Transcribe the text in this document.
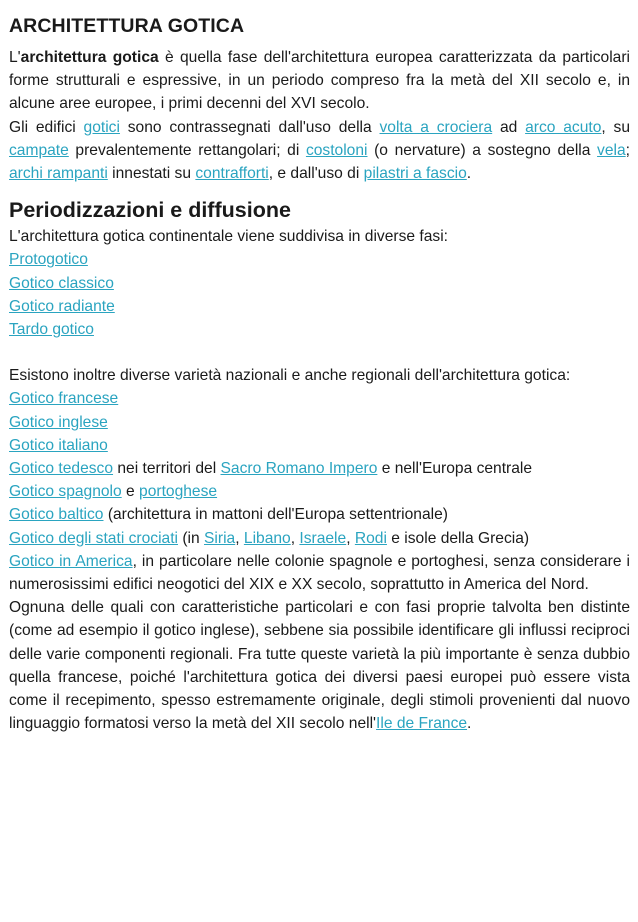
ARCHITETTURA GOTICA

L'architettura gotica è quella fase dell'architettura europea caratterizzata da particolari forme strutturali e espressive, in un periodo compreso fra la metà del XII secolo e, in alcune aree europee, i primi decenni del XVI secolo.

Gli edifici gotici sono contrassegnati dall'uso della volta a crociera ad arco acuto, su campate prevalentemente rettangolari; di costoloni (o nervature) a sostegno della vela; archi rampanti innestati su contrafforti, e dall'uso di pilastri a fascio.

Periodizzazioni e diffusione

L'architettura gotica continentale viene suddivisa in diverse fasi:

Protogotico
Gotico classico
Gotico radiante
Tardo gotico

Esistono inoltre diverse varietà nazionali e anche regionali dell'architettura gotica:

Gotico francese
Gotico inglese
Gotico italiano

Gotico tedesco nei territori del Sacro Romano Impero e nell'Europa centrale

Gotico spagnolo e portoghese

Gotico baltico (architettura in mattoni dell'Europa settentrionale)

Gotico degli stati crociati (in Siria, Libano, Israele, Rodi e isole della Grecia)

Gotico in America, in particolare nelle colonie spagnole e portoghesi, senza considerare i numerosissimi edifici neogotici del XIX e XX secolo, soprattutto in America del Nord.

Ognuna delle quali con caratteristiche particolari e con fasi proprie talvolta ben distinte (come ad esempio il gotico inglese), sebbene sia possibile identificare gli influssi reciproci delle varie componenti regionali. Fra tutte queste varietà la più importante è senza dubbio quella francese, poiché l'architettura gotica dei diversi paesi europei può essere vista come il recepimento, spesso estremamente originale, degli stimoli provenienti dal nuovo linguaggio formatosi verso la metà del XII secolo nell'Ile de France.
